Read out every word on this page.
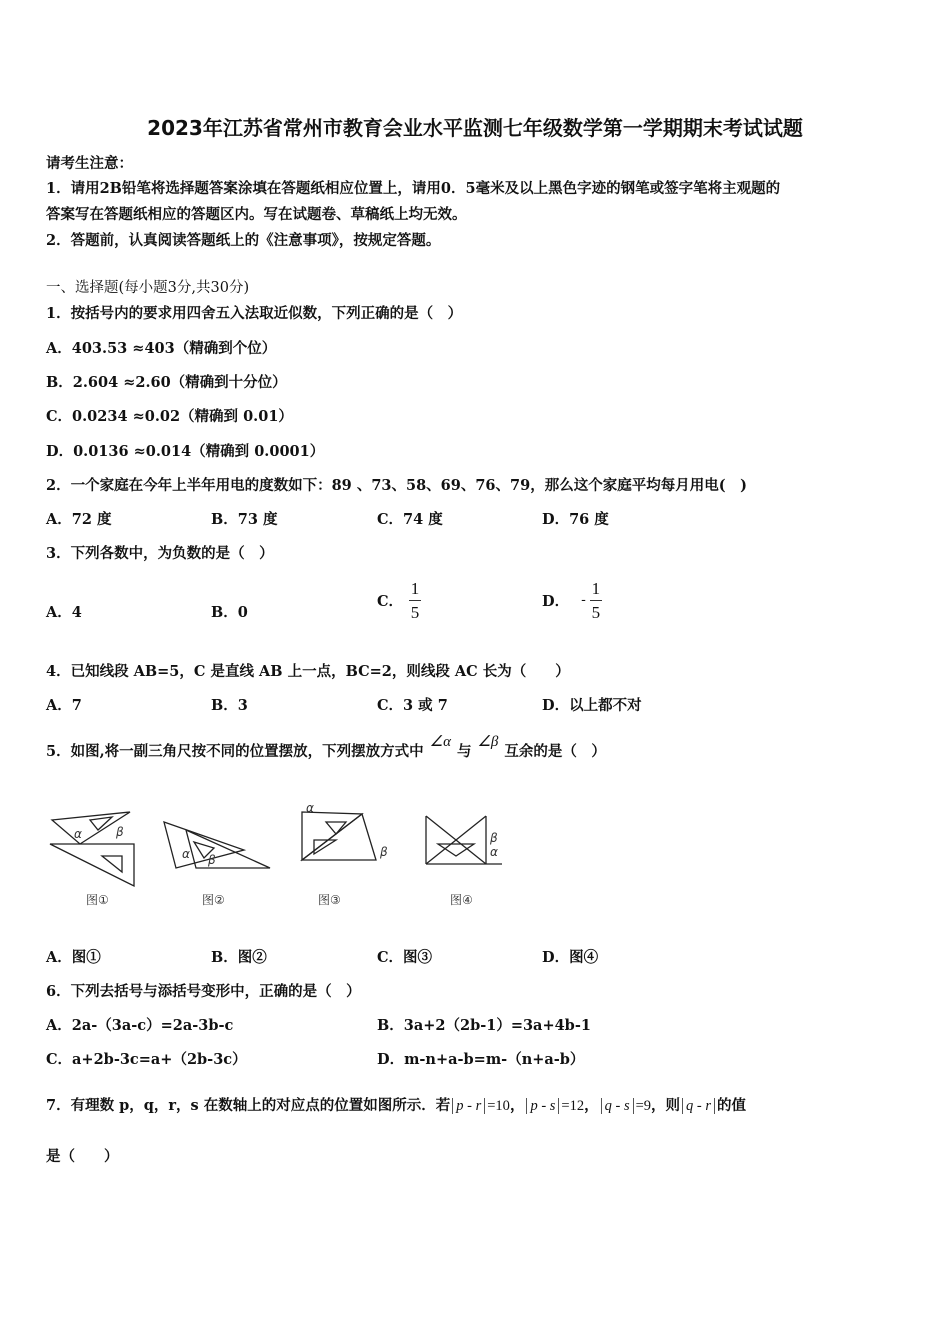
2023年江苏省常州市教育会业水平监测七年级数学第一学期期末考试试题
请考生注意：
1．请用2B铅笔将选择题答案涂填在答题纸相应位置上，请用0．5毫米及以上黑色字迹的钢笔或签字笔将主观题的
答案写在答题纸相应的答题区内。写在试题卷、草稿纸上均无效。
2．答题前，认真阅读答题纸上的《注意事项》，按规定答题。
一、选择题(每小题3分,共30分)
1．按括号内的要求用四舍五入法取近似数，下列正确的是（　）
A．403.53 ≈403（精确到个位）
B．2.604 ≈2.60（精确到十分位）
C．0.0234 ≈0.02（精确到 0.01）
D．0.0136 ≈0.014（精确到 0.0001）
2．一个家庭在今年上半年用电的度数如下：89 、73、58、69、76、79，那么这个家庭平均每月用电(　)
A．72 度	B．73 度	C．74 度	D．76 度
3．下列各数中，为负数的是（　）
A．4	B．0
C． $\frac{1}{5}$	D． - $\frac{1}{5}$
4．已知线段 AB=5，C 是直线 AB 上一点，BC=2，则线段 AC 长为（　　）
A．7	B．3	C．3 或 7	D．以上都不对
5．如图,将一副三角尺按不同的位置摆放，下列摆放方式中∠α与∠β互余的是（　）
α	β
图①
α β
图②
α
β
图③
α
β
图④
A．图①	B．图②	C．图③	D．图④
6．下列去括号与添括号变形中，正确的是（　）
A．2a-（3a-c）=2a-3b-c	B．3a+2（2b-1）=3a+4b-1
C．a+2b-3c=a+（2b-3c）	D．m-n+a-b=m-（n+a-b）
7．有理数 p，q，r，s 在数轴上的对应点的位置如图所示．若 p - r =10， p - s =12， q - s =9，则 q - r 的值
是（　　）
